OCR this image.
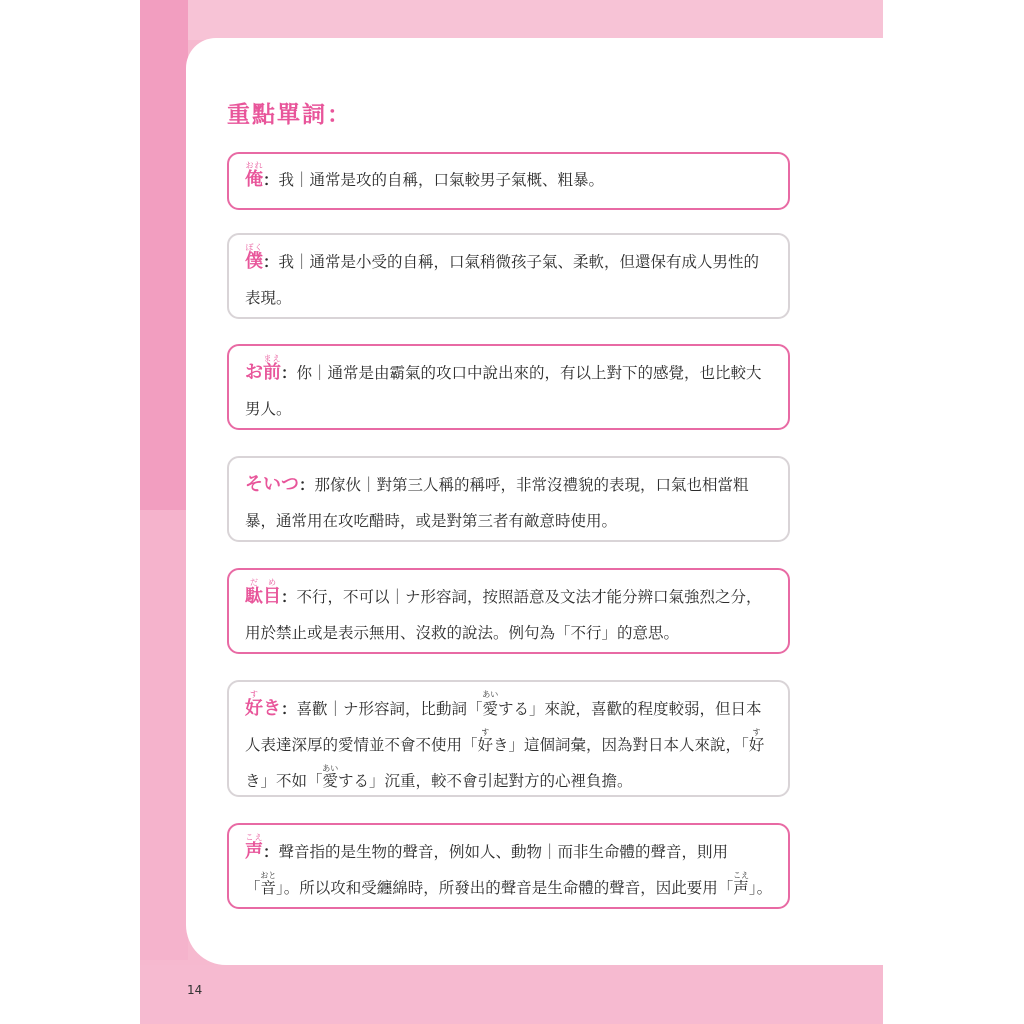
重點單詞：

俺おれ：我｜通常是攻的自稱，口氣較男子氣概、粗暴。

僕ぼく：我｜通常是小受的自稱，口氣稍微孩子氣、柔軟，但還保有成人男性的表現。

お前まえ：你｜通常是由霸氣的攻口中說出來的，有以上對下的感覺，也比較大男人。

そいつ：那傢伙｜對第三人稱的稱呼，非常沒禮貌的表現，口氣也相當粗暴，通常用在攻吃醋時，或是對第三者有敵意時使用。

駄目だめ：不行，不可以｜ナ形容詞，按照語意及文法才能分辨口氣強烈之分，用於禁止或是表示無用、沒救的說法。例句為「不行」的意思。

好すき：喜歡｜ナ形容詞，比動詞「愛あいする」來說，喜歡的程度較弱，但日本人表達深厚的愛情並不會不使用「好すき」這個詞彙，因為對日本人來說，「好すき」不如「愛あいする」沉重，較不會引起對方的心裡負擔。

声こえ：聲音指的是生物的聲音，例如人、動物｜而非生命體的聲音，則用「音おと」。所以攻和受纏綿時，所發出的聲音是生命體的聲音，因此要用「声こえ」。

14
